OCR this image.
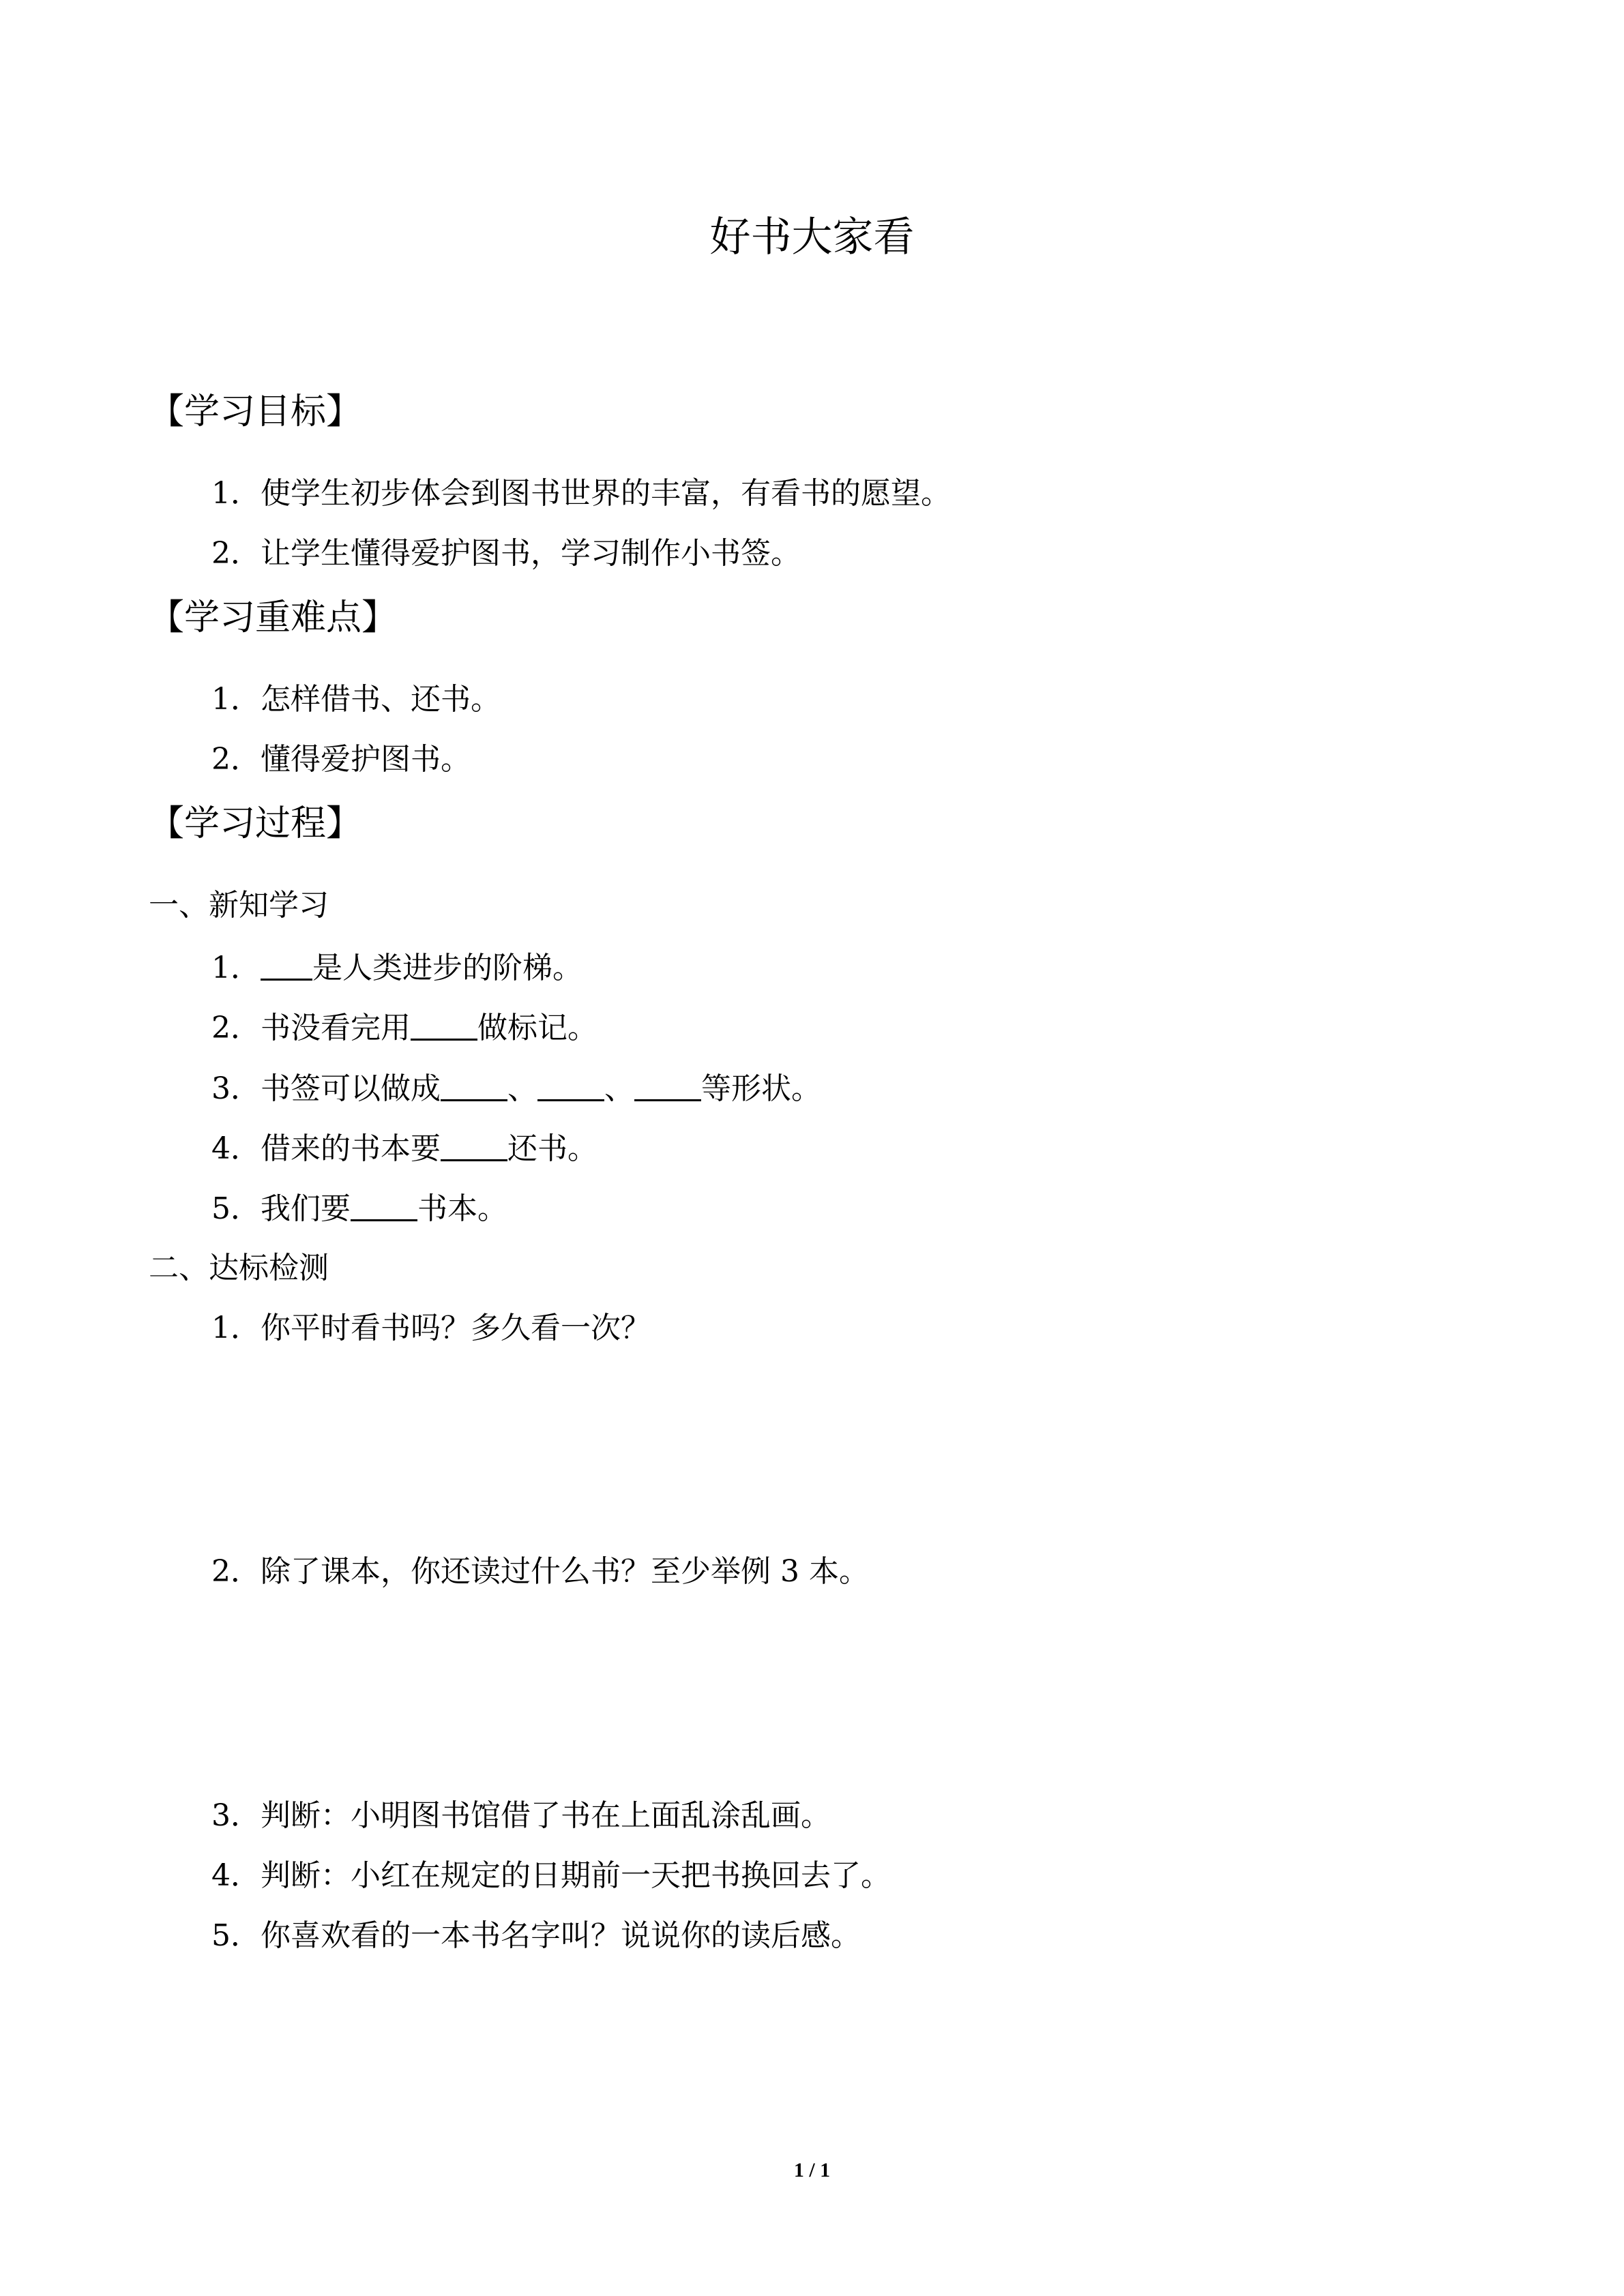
好书大家看
【学习目标】
1．使学生初步体会到图书世界的丰富，有看书的愿望。
2．让学生懂得爱护图书，学习制作小书签。
【学习重难点】
1．怎样借书、还书。
2．懂得爱护图书。
【学习过程】
一、新知学习
1． 是人类进步的阶梯。
2．书没看完用 做标记。
3．书签可以做成 、 、 等形状。
4．借来的书本要 还书。
5．我们要 书本。
二、达标检测
1．你平时看书吗？多久看一次？
2．除了课本，你还读过什么书？至少举例 3 本。
3．判断：小明图书馆借了书在上面乱涂乱画。
4．判断：小红在规定的日期前一天把书换回去了。
5．你喜欢看的一本书名字叫？说说你的读后感。
1 / 1
